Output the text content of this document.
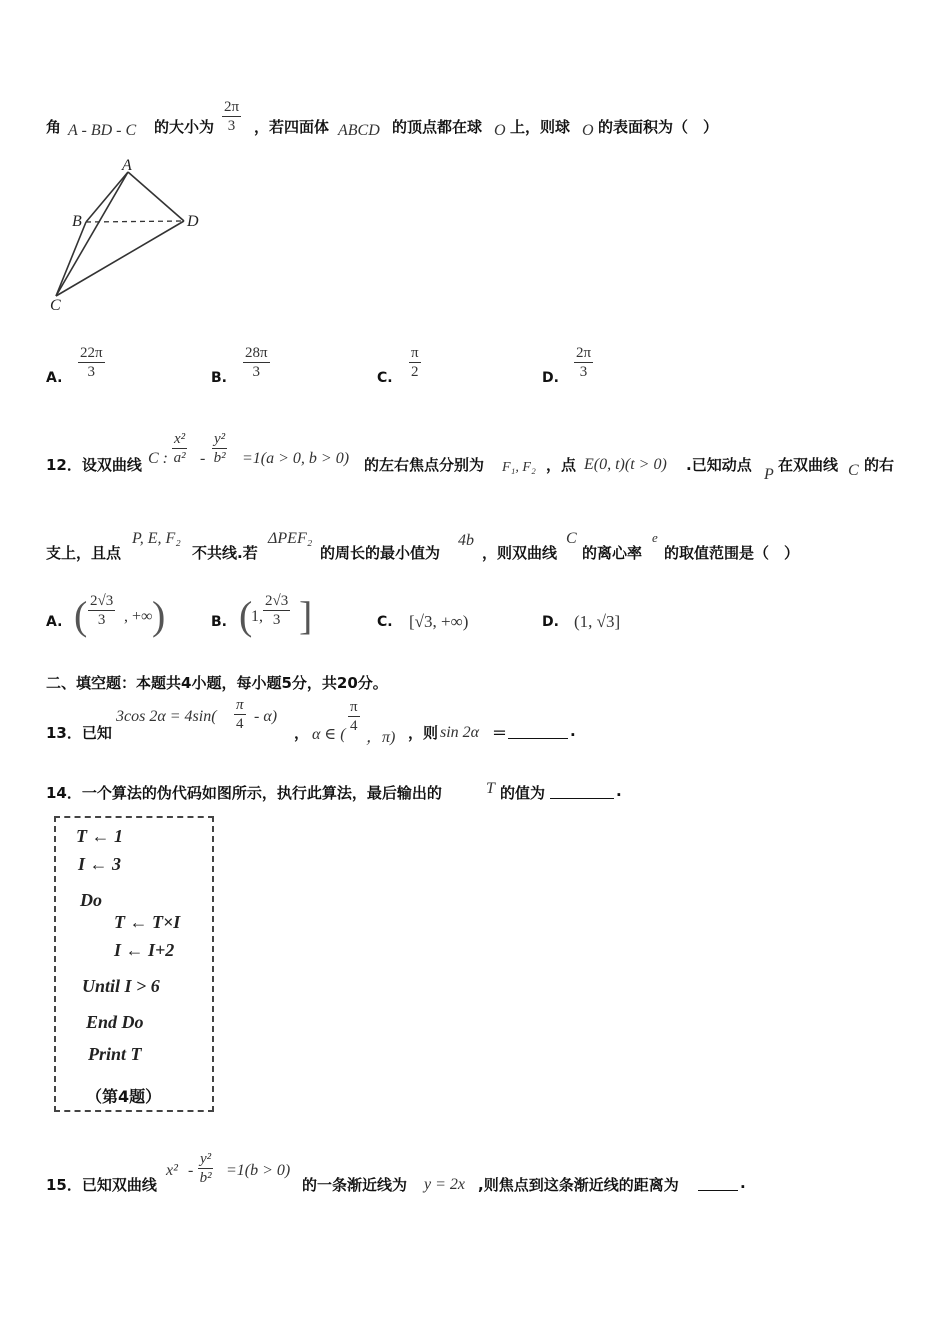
角 A - BD - C 的大小为 $\frac{2\pi}{3}$ ，若四面体 ABCD 的顶点都在球 O 上，则球 O 的表面积为（　）
A
B	D
C
A. $\frac{22\pi}{3}$	B. $\frac{28\pi}{3}$	C. $\frac{\pi}{2}$	D. $\frac{2\pi}{3}$
12．设双曲线 C : $\frac{\text{x²}}{\text{a²}} - \frac{\text{y²}}{\text{b²}} =1(a > 0$, b > 0) 的左右焦点分别为 F₁, F₂ ，点 E(0, t)(t > 0) .已知动点
P
在双曲线 C 的右
支上，且点
P, E, F₂
不共线.若
ΔPEF₂
的周长的最小值为
4b
，则双曲线
C
的离心率
e
的取值范围是（　）
A. ( $\frac{2√3}{3}$ , +∞ )	B. (
1, $\frac{2√3}{3}$ ]	C. [√3, +∞)	D. (1, √3]
二、填空题：本题共4小题，每小题5分，共20分。
13．已知
3cos $2\alpha = 4\sin( \frac{\pi}{4} - \alpha)$
， α ∈ ( $\frac{\pi}{4}$
，π) ，则 sin 2α ＝	.
14．一个算法的伪代码如图所示，执行此算法，最后输出的	T 的值为	.
T ← 1
I ← 3
Do
T ← T×I
I ← I+2
Until I > 6
End Do
Print T
（第4题）
15．已知双曲线
$x^2 - \frac{\text{y²}}{\text{b²}} =1(b > 0)$
的一条渐近线为 y = 2x ,则焦点到这条渐近线的距离为	.
